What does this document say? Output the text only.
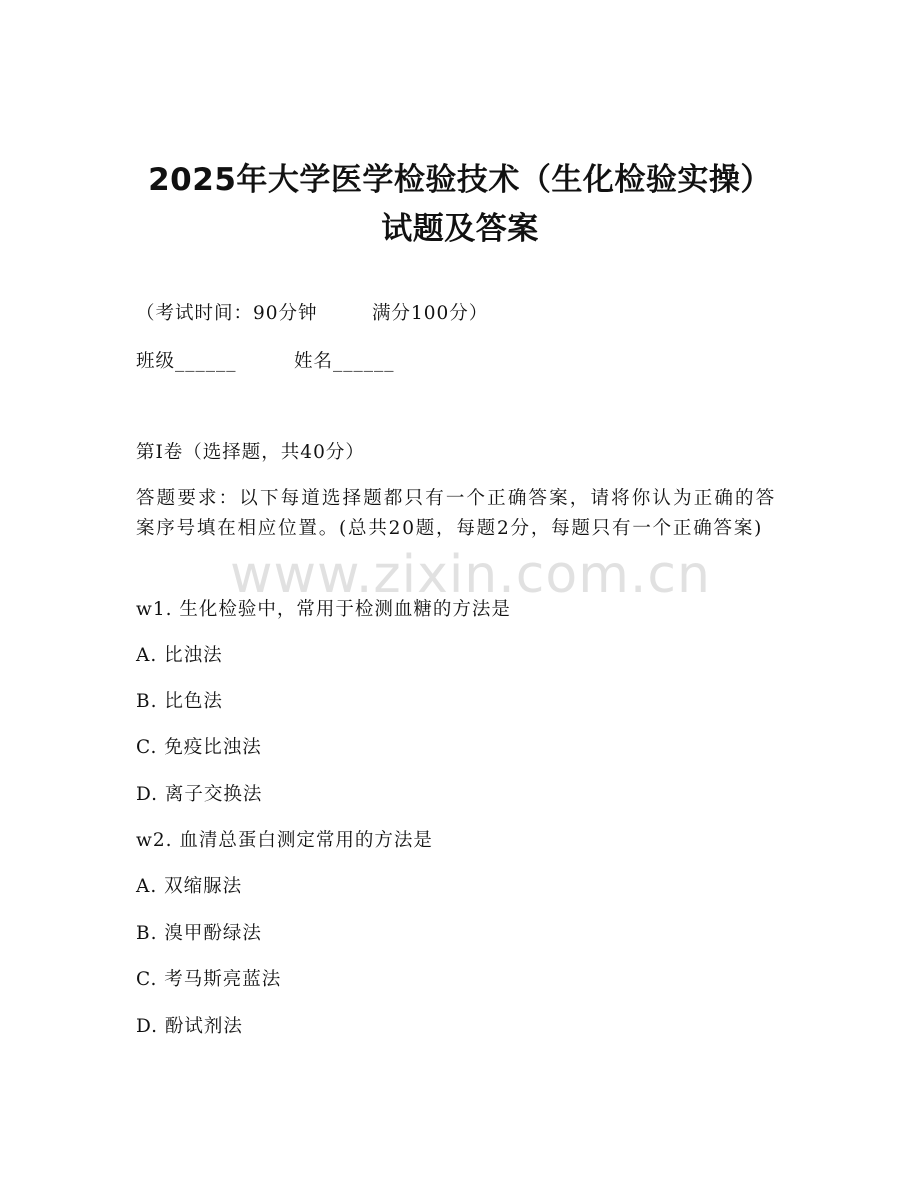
2025年大学医学检验技术（生化检验实操）
试题及答案
（考试时间：90分钟	满分100分）
班级______	姓名______
第I卷（选择题，共40分）
答题要求：以下每道选择题都只有一个正确答案，请将你认为正确的答案序号填在相应位置。(总共20题，每题2分，每题只有一个正确答案)
w1. 生化检验中，常用于检测血糖的方法是
A. 比浊法
B. 比色法
C. 免疫比浊法
D. 离子交换法
w2. 血清总蛋白测定常用的方法是
A. 双缩脲法
B. 溴甲酚绿法
C. 考马斯亮蓝法
D. 酚试剂法
www.zixin.com.cn
